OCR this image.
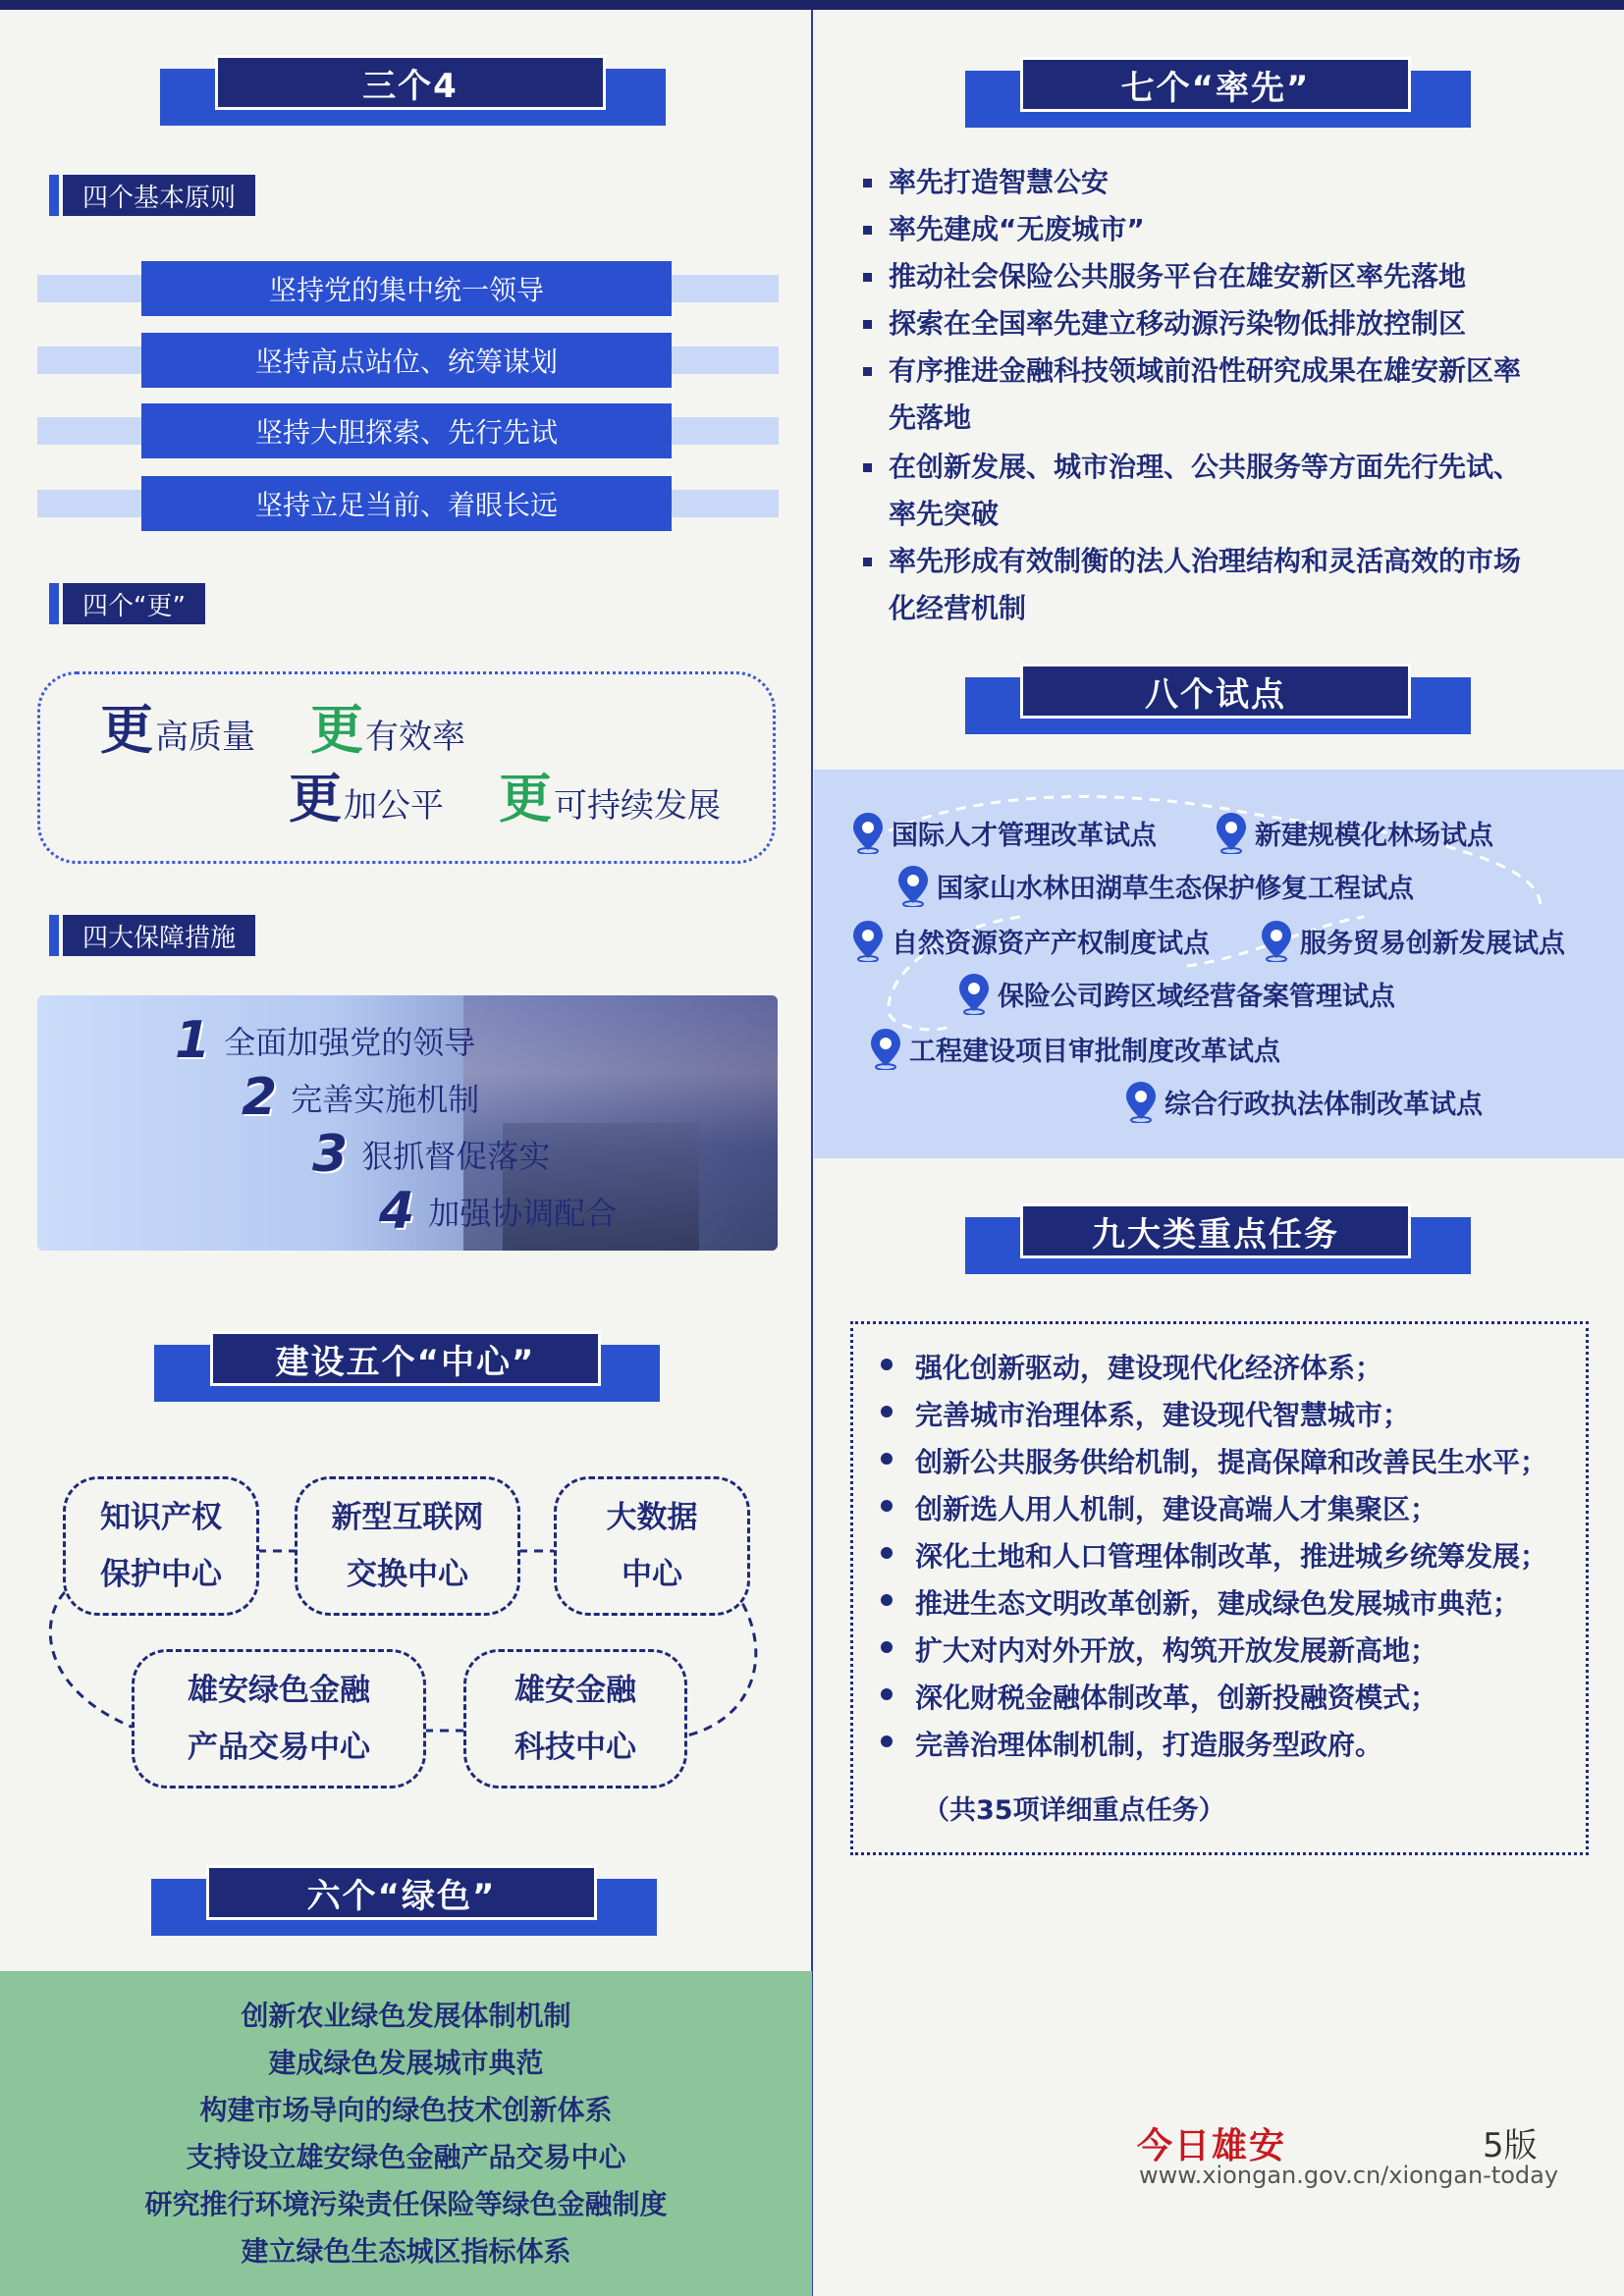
三个4
四个基本原则
坚持党的集中统一领导
坚持高点站位、统筹谋划
坚持大胆探索、先行先试
坚持立足当前、着眼长远
四个“更”
更 高质量 更 有效率
更 加公平 更 可持续发展
四大保障措施
1 全面加强党的领导
2 完善实施机制
3 狠抓督促落实
4 加强协调配合
建设五个“中心”
知识产权
保护中心
新型互联网
交换中心
大数据
中心
雄安绿色金融
产品交易中心
雄安金融
科技中心
六个“绿色”
创新农业绿色发展体制机制
建成绿色发展城市典范
构建市场导向的绿色技术创新体系
支持设立雄安绿色金融产品交易中心
研究推行环境污染责任保险等绿色金融制度
建立绿色生态城区指标体系
七个“率先”
率先打造智慧公安
率先建成“无废城市”
推动社会保险公共服务平台在雄安新区率先落地
探索在全国率先建立移动源污染物低排放控制区
有序推进金融科技领域前沿性研究成果在雄安新区率
先落地
在创新发展、城市治理、公共服务等方面先行先试、
率先突破
率先形成有效制衡的法人治理结构和灵活高效的市场
化经营机制
八个试点
国际人才管理改革试点	新建规模化林场试点
国家山水林田湖草生态保护修复工程试点
自然资源资产产权制度试点	服务贸易创新发展试点
保险公司跨区域经营备案管理试点
工程建设项目审批制度改革试点
综合行政执法体制改革试点
九大类重点任务
强化创新驱动，建设现代化经济体系；
完善城市治理体系，建设现代智慧城市；
创新公共服务供给机制，提高保障和改善民生水平；
创新选人用人机制，建设高端人才集聚区；
深化土地和人口管理体制改革，推进城乡统筹发展；
推进生态文明改革创新，建成绿色发展城市典范；
扩大对内对外开放，构筑开放发展新高地；
深化财税金融体制改革，创新投融资模式；
完善治理体制机制，打造服务型政府。
（共35项详细重点任务）
今日雄安	5版
www.xiongan.gov.cn/xiongan-today
